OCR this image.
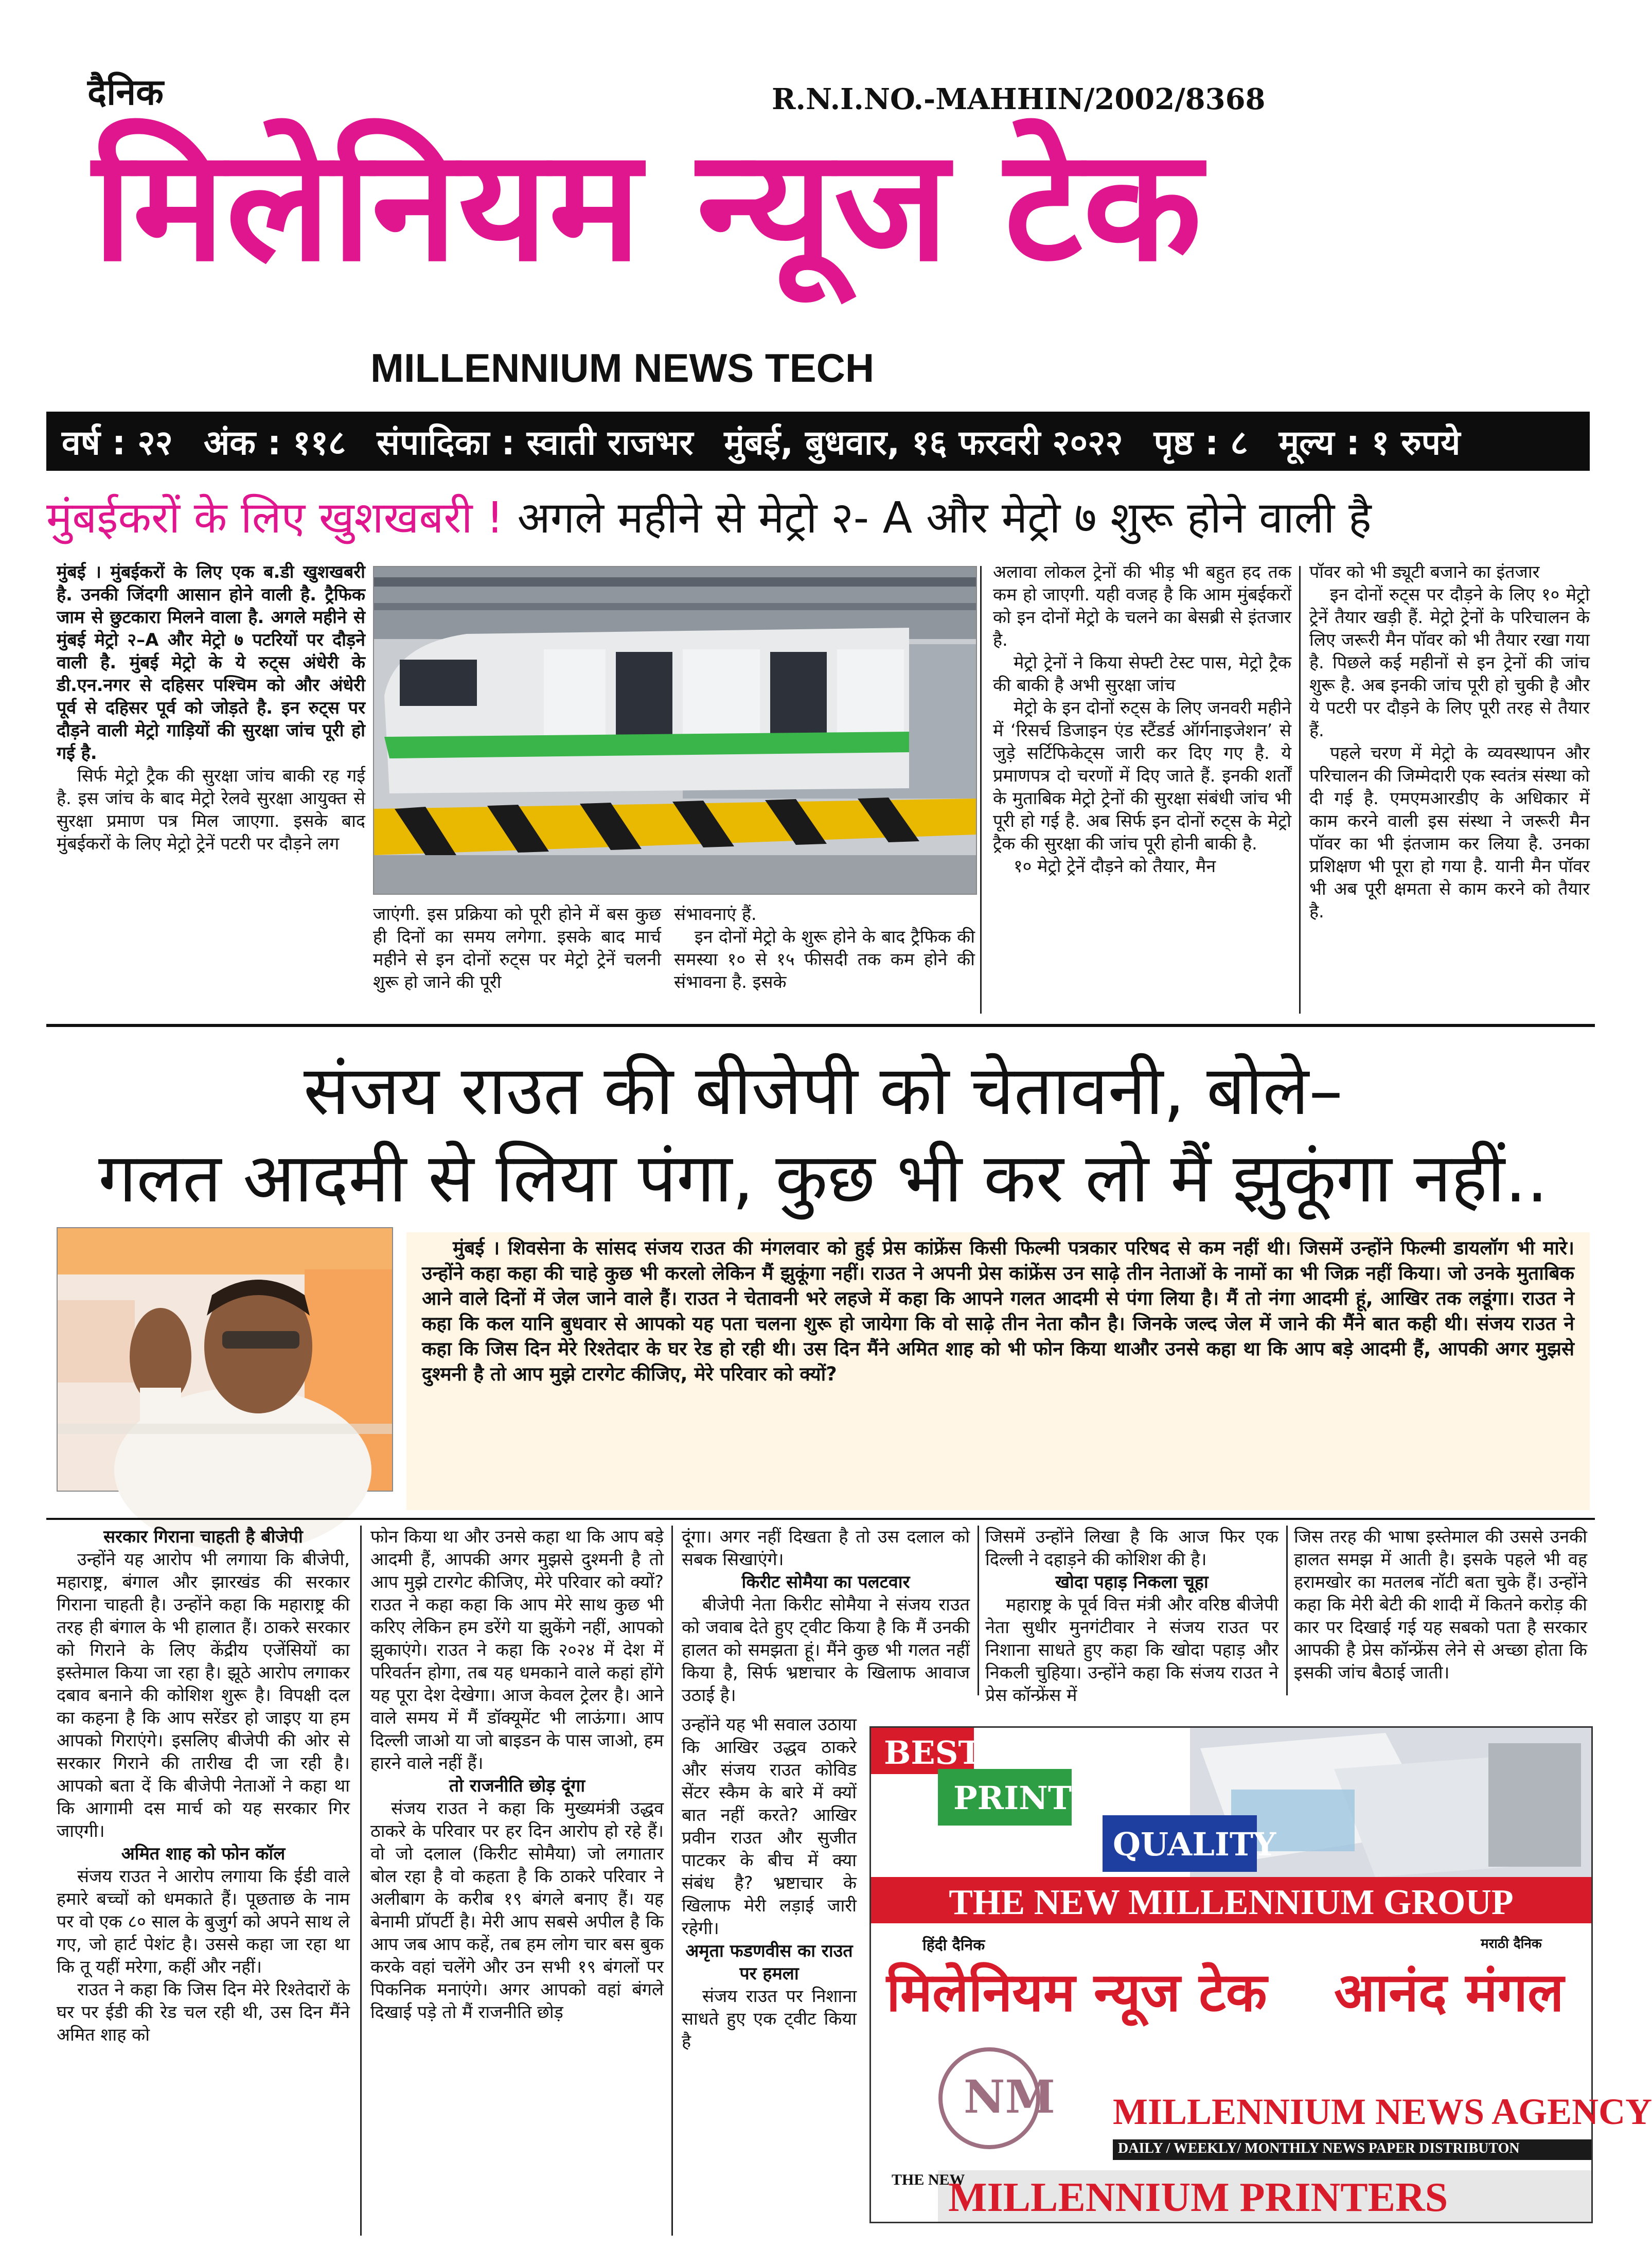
दैनिक	R.N.I.NO.-MAHHIN/2002/8368
मिलेनियम न्यूज टेक
MILLENNIUM NEWS TECH
वर्ष : २२ अंक : ११८ संपादिका : स्वाती राजभर मुंबई, बुधवार, १६ फरवरी २०२२ पृष्ठ : ८ मूल्य : १ रुपये
मुंबईकरों के लिए खुशखबरी ! अगले महीने से मेट्रो २- A और मेट्रो ७ शुरू होने वाली है

मुंबई । मुंबईकरों के लिए एक ब.डी खुशखबरी है. उनकी जिंदगी आसान होने वाली है. ट्रैफिक जाम से छुटकारा मिलने वाला है. अगले महीने से मुंबई मेट्रो २–A और मेट्रो ७ पटरियों पर दौड़ने वाली है. मुंबई मेट्रो के ये रुट्स अंधेरी के डी.एन.नगर से दहिसर पश्चिम को और अंधेरी पूर्व से दहिसर पूर्व को जोड़ते है. इन रुट्स पर दौड़ने वाली मेट्रो गाड़ियों की सुरक्षा जांच पूरी हो गई है.

सिर्फ मेट्रो ट्रैक की सुरक्षा जांच बाकी रह गई है. इस जांच के बाद मेट्रो रेलवे सुरक्षा आयुक्त से सुरक्षा प्रमाण पत्र मिल जाएगा. इसके बाद मुंबईकरों के लिए मेट्रो ट्रेनें पटरी पर दौड़ने लग

जाएंगी. इस प्रक्रिया को पूरी होने में बस कुछ ही दिनों का समय लगेगा. इसके बाद मार्च महीने से इन दोनों रुट्स पर मेट्रो ट्रेनें चलनी शुरू हो जाने की पूरी

संभावनाएं हैं.

इन दोनों मेट्रो के शुरू होने के बाद ट्रैफिक की समस्या १० से १५ फीसदी तक कम होने की संभावना है. इसके

अलावा लोकल ट्रेनों की भीड़ भी बहुत हद तक कम हो जाएगी. यही वजह है कि आम मुंबईकरों को इन दोनों मेट्रो के चलने का बेसब्री से इंतजार है.

मेट्रो ट्रेनों ने किया सेफ्टी टेस्ट पास, मेट्रो ट्रैक की बाकी है अभी सुरक्षा जांच

मेट्रो के इन दोनों रुट्स के लिए जनवरी महीने में ‘रिसर्च डिजाइन एंड स्टैंडर्ड ऑर्गनाइजेशन’ से जुड़े सर्टिफिकेट्स जारी कर दिए गए है. ये प्रमाणपत्र दो चरणों में दिए जाते हैं. इनकी शर्तों के मुताबिक मेट्रो ट्रेनों की सुरक्षा संबंधी जांच भी पूरी हो गई है. अब सिर्फ इन दोनों रुट्स के मेट्रो ट्रैक की सुरक्षा की जांच पूरी होनी बाकी है.

१० मेट्रो ट्रेनें दौड़ने को तैयार, मैन

पॉवर को भी ड्यूटी बजाने का इंतजार

इन दोनों रुट्स पर दौड़ने के लिए १० मेट्रो ट्रेनें तैयार खड़ी हैं. मेट्रो ट्रेनों के परिचालन के लिए जरूरी मैन पॉवर को भी तैयार रखा गया है. पिछले कई महीनों से इन ट्रेनों की जांच शुरू है. अब इनकी जांच पूरी हो चुकी है और ये पटरी पर दौड़ने के लिए पूरी तरह से तैयार हैं.

पहले चरण में मेट्रो के व्यवस्थापन और परिचालन की जिम्मेदारी एक स्वतंत्र संस्था को दी गई है. एमएमआरडीए के अधिकार में काम करने वाली इस संस्था ने जरूरी मैन पॉवर का भी इंतजाम कर लिया है. उनका प्रशिक्षण भी पूरा हो गया है. यानी मैन पॉवर भी अब पूरी क्षमता से काम करने को तैयार है.

संजय राउत की बीजेपी को चेतावनी, बोले–
गलत आदमी से लिया पंगा, कुछ भी कर लो मैं झुकूंगा नहीं..
मुंबई । शिवसेना के सांसद संजय राउत की मंगलवार को हुई प्रेस कांफ्रेंस किसी फिल्मी पत्रकार परिषद से कम नहीं थी। जिसमें उन्होंने फिल्मी डायलॉग भी मारे। उन्होंने कहा कहा की चाहे कुछ भी करलो लेकिन मैं झुकूंगा नहीं। राउत ने अपनी प्रेस कांफ्रेंस उन साढ़े तीन नेताओं के नामों का भी जिक्र नहीं किया। जो उनके मुताबिक आने वाले दिनों में जेल जाने वाले हैं। राउत ने चेतावनी भरे लहजे में कहा कि आपने गलत आदमी से पंगा लिया है। मैं तो नंगा आदमी हूं, आखिर तक लडूंगा। राउत ने कहा कि कल यानि बुधवार से आपको यह पता चलना शुरू हो जायेगा कि वो साढ़े तीन नेता कौन है। जिनके जल्द जेल में जाने की मैंने बात कही थी। संजय राउत ने कहा कि जिस दिन मेरे रिश्तेदार के घर रेड हो रही थी। उस दिन मैंने अमित शाह को भी फोन किया थाऔर उनसे कहा था कि आप बड़े आदमी हैं, आपकी अगर मुझसे दुश्मनी है तो आप मुझे टारगेट कीजिए, मेरे परिवार को क्यों?

सरकार गिराना चाहती है बीजेपी

उन्होंने यह आरोप भी लगाया कि बीजेपी, महाराष्ट्र, बंगाल और झारखंड की सरकार गिराना चाहती है। उन्होंने कहा कि महाराष्ट्र की तरह ही बंगाल के भी हालात हैं। ठाकरे सरकार को गिराने के लिए केंद्रीय एजेंसियों का इस्तेमाल किया जा रहा है। झूठे आरोप लगाकर दबाव बनाने की कोशिश शुरू है। विपक्षी दल का कहना है कि आप सरेंडर हो जाइए या हम आपको गिराएंगे। इसलिए बीजेपी की ओर से सरकार गिराने की तारीख दी जा रही है। आपको बता दें कि बीजेपी नेताओं ने कहा था कि आगामी दस मार्च को यह सरकार गिर जाएगी।

अमित शाह को फोन कॉल

संजय राउत ने आरोप लगाया कि ईडी वाले हमारे बच्चों को धमकाते हैं। पूछताछ के नाम पर वो एक ८० साल के बुजुर्ग को अपने साथ ले गए, जो हार्ट पेशंट है। उससे कहा जा रहा था कि तू यहीं मरेगा, कहीं और नहीं।

राउत ने कहा कि जिस दिन मेरे रिश्तेदारों के घर पर ईडी की रेड चल रही थी, उस दिन मैंने अमित शाह को

फोन किया था और उनसे कहा था कि आप बड़े आदमी हैं, आपकी अगर मुझसे दुश्मनी है तो आप मुझे टारगेट कीजिए, मेरे परिवार को क्यों? राउत ने कहा कहा कि आप मेरे साथ कुछ भी करिए लेकिन हम डरेंगे या झुकेंगे नहीं, आपको झुकाएंगे। राउत ने कहा कि २०२४ में देश में परिवर्तन होगा, तब यह धमकाने वाले कहां होंगे यह पूरा देश देखेगा। आज केवल ट्रेलर है। आने वाले समय में मैं डॉक्यूमेंट भी लाऊंगा। आप दिल्ली जाओ या जो बाइडन के पास जाओ, हम हारने वाले नहीं हैं।

तो राजनीति छोड़ दूंगा

संजय राउत ने कहा कि मुख्यमंत्री उद्धव ठाकरे के परिवार पर हर दिन आरोप हो रहे हैं। वो जो दलाल (किरीट सोमैया) जो लगातार बोल रहा है वो कहता है कि ठाकरे परिवार ने अलीबाग के करीब १९ बंगले बनाए हैं। यह बेनामी प्रॉपर्टी है। मेरी आप सबसे अपील है कि आप जब आप कहें, तब हम लोग चार बस बुक करके वहां चलेंगे और उन सभी १९ बंगलों पर पिकनिक मनाएंगे। अगर आपको वहां बंगले दिखाई पड़े तो मैं राजनीति छोड़

दूंगा। अगर नहीं दिखता है तो उस दलाल को सबक सिखाएंगे।

किरीट सोमैया का पलटवार

बीजेपी नेता किरीट सोमैया ने संजय राउत को जवाब देते हुए ट्वीट किया है कि मैं उनकी हालत को समझता हूं। मैंने कुछ भी गलत नहीं किया है, सिर्फ भ्रष्टाचार के खिलाफ आवाज उठाई है।

जिसमें उन्होंने लिखा है कि आज फिर एक दिल्ली ने दहाड़ने की कोशिश की है।

खोदा पहाड़ निकला चूहा

महाराष्ट्र के पूर्व वित्त मंत्री और वरिष्ठ बीजेपी नेता सुधीर मुनगंटीवार ने संजय राउत पर निशाना साधते हुए कहा कि खोदा पहाड़ और निकली चुहिया। उन्होंने कहा कि संजय राउत ने प्रेस कॉन्फ्रेंस में

जिस तरह की भाषा इस्तेमाल की उससे उनकी हालत समझ में आती है। इसके पहले भी वह हरामखोर का मतलब नॉटी बता चुके हैं। उन्होंने कहा कि मेरी बेटी की शादी में कितने करोड़ की कार पर दिखाई गई यह सबको पता है सरकार आपकी है प्रेस कॉन्फ्रेंस लेने से अच्छा होता कि इसकी जांच बैठाई जाती।

उन्होंने यह भी सवाल उठाया कि आखिर उद्धव ठाकरे और संजय राउत कोविड सेंटर स्कैम के बारे में क्यों बात नहीं करते? आखिर प्रवीन राउत और सुजीत पाटकर के बीच में क्या संबंध है? भ्रष्टाचार के खिलाफ मेरी लड़ाई जारी रहेगी।

अमृता फडणवीस का राउत पर हमला

संजय राउत पर निशाना साधते हुए एक ट्वीट किया है

BEST
PRINT
QUALITY
THE NEW MILLENNIUM GROUP
हिंदी दैनिक
मिलेनियम न्यूज टेक
मराठी दैनिक
आनंद मंगल
NM MILLENNIUM NEWS AGENCY
DAILY / WEEKLY/ MONTHLY NEWS PAPER DISTRIBUTON
THE NEW
MILLENNIUM PRINTERS
